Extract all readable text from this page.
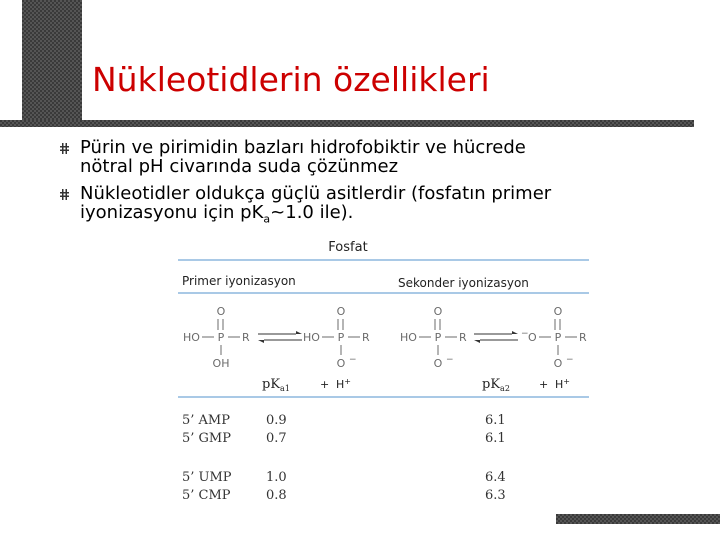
Nükleotidlerin özellikleri
Pürin ve pirimidin bazları hidrofobiktir ve hücrede
nötral pH civarında suda çözünmez
Nükleotidler oldukça güçlü asitlerdir (fosfatın primer
iyonizasyonu için $pK_a\sim 1.0$ ile).
Fosfat
Primer iyonizasyon	Sekonder iyonizasyon
O
HO P R
OH
O
HO P R
O −
O
HO P R
O −
O
− O P R
O −
$pK_{a1}$	+ H+	$pK_{a2}$	+ H+
5’ AMP	0.9	6.1
5’ GMP	0.7	6.1
5’ UMP	1.0	6.4
5’ CMP	0.8	6.3
